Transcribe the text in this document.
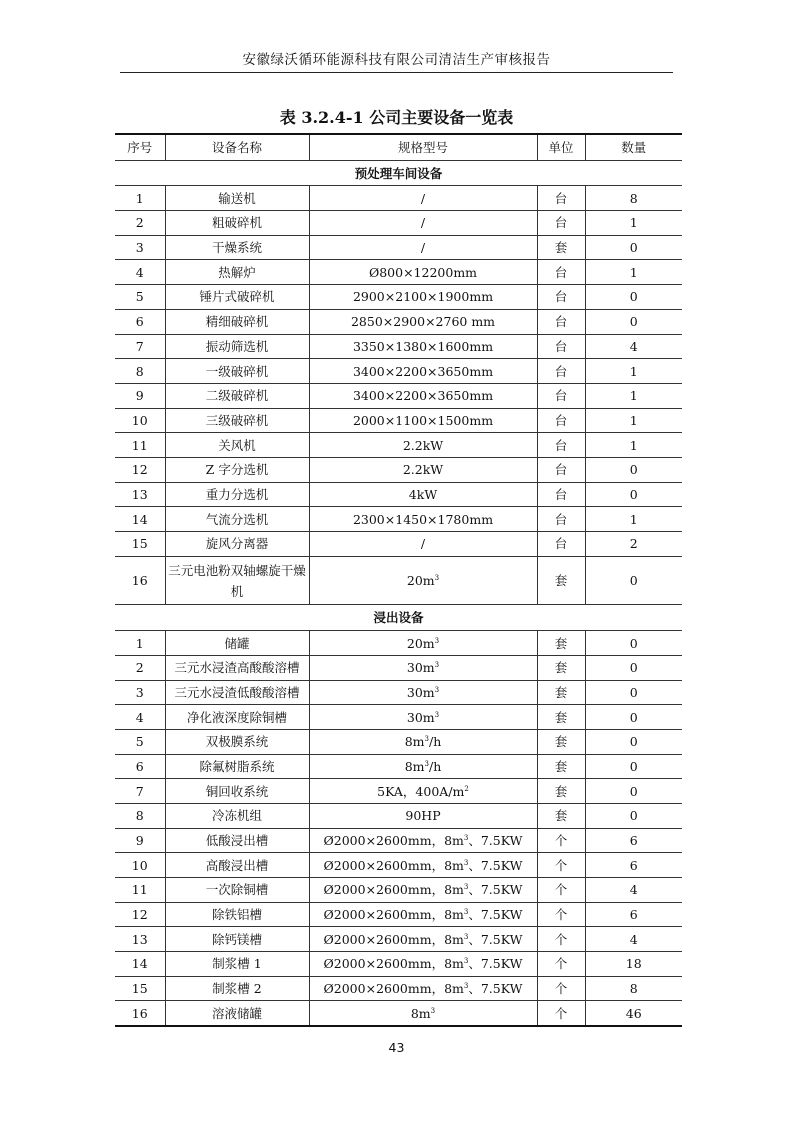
安徽绿沃循环能源科技有限公司清洁生产审核报告
表 3.2.4-1 公司主要设备一览表
序号	设备名称	规格型号	单位	数量
预处理车间设备				
1	输送机	/	台	8
2	粗破碎机	/	台	1
3	干燥系统	/	套	0
4	热解炉	Ø800×12200mm	台	1
5	锤片式破碎机	2900×2100×1900mm	台	0
6	精细破碎机	2850×2900×2760 mm	台	0
7	振动筛选机	3350×1380×1600mm	台	4
8	一级破碎机	3400×2200×3650mm	台	1
9	二级破碎机	3400×2200×3650mm	台	1
10	三级破碎机	2000×1100×1500mm	台	1
11	关风机	2.2kW	台	1
12	Z 字分选机	2.2kW	台	0
13	重力分选机	4kW	台	0
14	气流分选机	2300×1450×1780mm	台	1
15	旋风分离器	/	台	2
16	三元电池粉双轴螺旋干燥机	$20m^3$	套	0
浸出设备				
1	储罐	$20m^3$	套	0
2	三元水浸渣高酸酸溶槽	$30m^3$	套	0
3	三元水浸渣低酸酸溶槽	$30m^3$	套	0
4	净化液深度除铜槽	$30m^3$	套	0
5	双极膜系统	$8m^3/h$	套	0
6	除氟树脂系统	$8m^3/h$	套	0
7	铜回收系统	5KA，$400A/m^2$	套	0
8	冷冻机组	90HP	套	0
9	低酸浸出槽	Ø2000×2600mm，$8m^3$、7.5KW	个	6
10	高酸浸出槽	Ø2000×2600mm，$8m^3$、7.5KW	个	6
11	一次除铜槽	Ø2000×2600mm，$8m^3$、7.5KW	个	4
12	除铁铝槽	Ø2000×2600mm，$8m^3$、7.5KW	个	6
13	除钙镁槽	Ø2000×2600mm，$8m^3$、7.5KW	个	4
14	制浆槽 1	Ø2000×2600mm，$8m^3$、7.5KW	个	18
15	制浆槽 2	Ø2000×2600mm，$8m^3$、7.5KW	个	8
16	溶液储罐	$8m^3$	个	46
43
